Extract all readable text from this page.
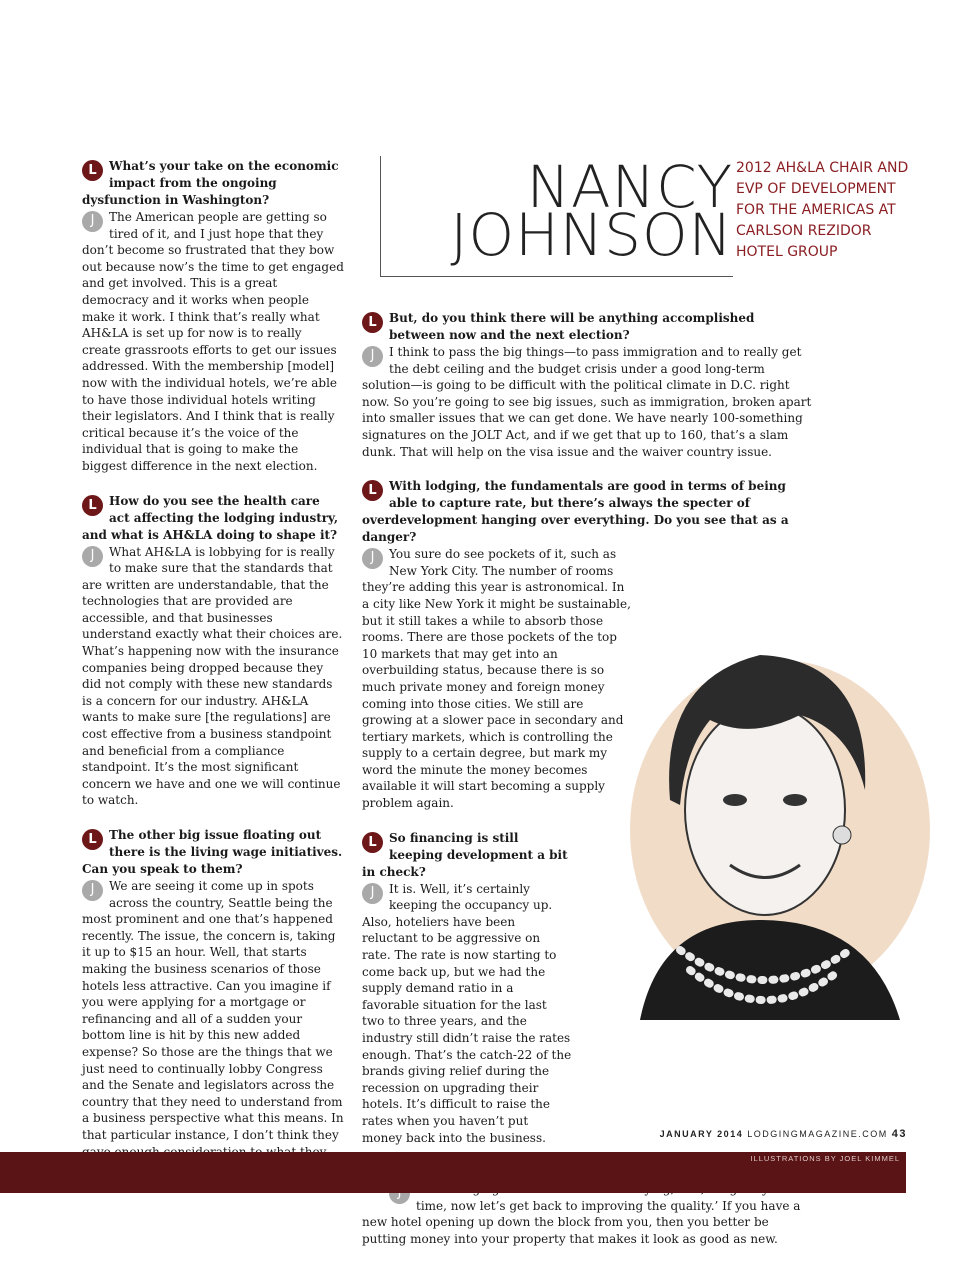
NANCY
JOHNSON
2012 AH&LA CHAIR AND
EVP OF DEVELOPMENT
FOR THE AMERICAS AT
CARLSON REZIDOR
HOTEL GROUP

L	What’s your take on the economic impact from the ongoing dysfunction in Washington?

J	The American people are getting so tired of it, and I just hope that they don’t become so frustrated that they bow out because now’s the time to get engaged and get involved. This is a great democracy and it works when people make it work. I think that’s really what AH&LA is set up for now is to really create grassroots efforts to get our issues addressed. With the membership [model] now with the individual hotels, we’re able to have those individual hotels writing their legislators. And I think that is really critical because it’s the voice of the individual that is going to make the biggest difference in the next election.

L	How do you see the health care act affecting the lodging industry, and what is AH&LA doing to shape it?

J	What AH&LA is lobbying for is really to make sure that the standards that are written are understandable, that the technologies that are provided are accessible, and that businesses understand exactly what their choices are. What’s happening now with the insurance companies being dropped because they did not comply with these new standards is a concern for our industry. AH&LA wants to make sure [the regulations] are cost effective from a business standpoint and beneficial from a compliance standpoint. It’s the most significant concern we have and one we will continue to watch.

L	The other big issue floating out there is the living wage initiatives. Can you speak to them?

J	We are seeing it come up in spots across the country, Seattle being the most prominent and one that’s happened recently. The issue, the concern is, taking it up to $15 an hour. Well, that starts making the business scenarios of those hotels less attractive. Can you imagine if you were applying for a mortgage or refinancing and all of a sudden your bottom line is hit by this new added expense? So those are the things that we just need to continually lobby Congress and the Senate and legislators across the country that they need to understand from a business perspective what this means. In that particular instance, I don’t think they

L	But, do you think there will be anything accomplished between now and the next election?

J	I think to pass the big things—to pass immigration and to really get the debt ceiling and the budget crisis under a good long-term solution—is going to be difficult with the political climate in D.C. right now. So you’re going to see big issues, such as immigration, broken apart into smaller issues that we can get done. We have nearly 100-something signatures on the JOLT Act, and if we get that up to 160, that’s a slam dunk. That will help on the visa issue and the waiver country issue.

L	With lodging, the fundamentals are good in terms of being able to capture rate, but there’s always the specter of overdevelopment hanging over everything. Do you see that as a danger?

J	You sure do see pockets of it, such as New York City. The number of rooms they’re adding this year is astronomical. In a city like New York it might be sustainable, but it still takes a while to absorb those rooms. There are those pockets of the top 10 markets that may get into an overbuilding status, because there is so much private money and foreign money coming into those cities. We still are growing at a slower pace in secondary and tertiary markets, which is controlling the supply to a certain degree, but mark my word the minute the money becomes available it will start becoming a supply problem again.

L	So financing is still keeping development a bit in check?

J	It is. Well, it’s certainly keeping the occupancy up. Also, hoteliers have been reluctant to be aggressive on rate. The rate is now starting to come back up, but we had the supply demand ratio in a favorable situation for the last two to three years, and the industry still didn’t raise the rates enough. That’s the catch-22 of the brands giving relief during the recession on upgrading their hotels. It’s difficult to raise the rates when you haven’t put money back into the business.

time, now let’s get back to improving the quality.’ If you have a new hotel opening up down the block from you, then you better be putting money into your property that makes it look as good as new.

JANUARY 2014 LODGINGMAGAZINE.COM 43
ILLUSTRATIONS BY JOEL KIMMEL
